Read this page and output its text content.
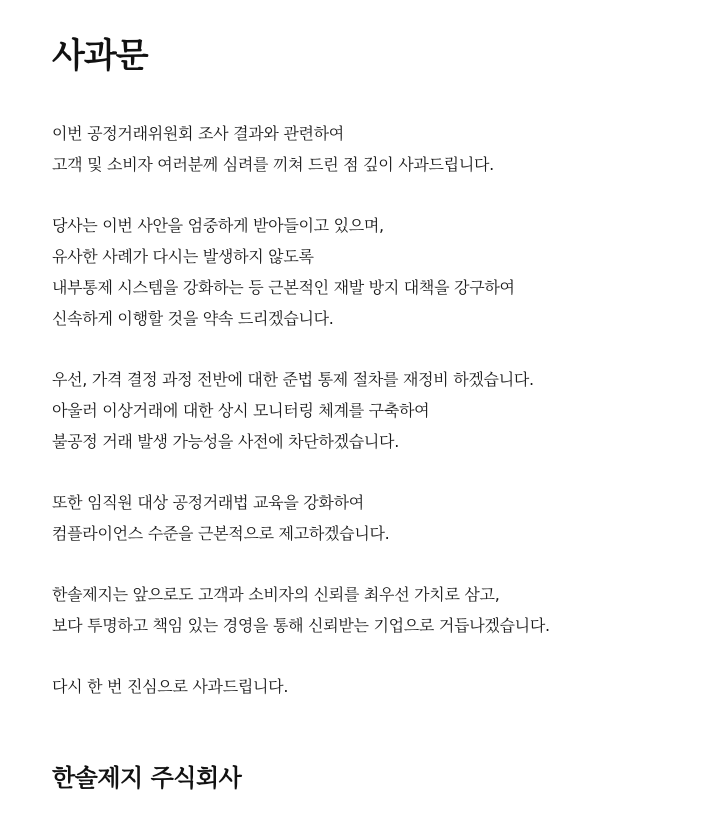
사과문
이번 공정거래위원회 조사 결과와 관련하여
고객 및 소비자 여러분께 심려를 끼쳐 드린 점 깊이 사과드립니다.
당사는 이번 사안을 엄중하게 받아들이고 있으며,
유사한 사례가 다시는 발생하지 않도록
내부통제 시스템을 강화하는 등 근본적인 재발 방지 대책을 강구하여
신속하게 이행할 것을 약속 드리겠습니다.
우선, 가격 결정 과정 전반에 대한 준법 통제 절차를 재정비 하겠습니다.
아울러 이상거래에 대한 상시 모니터링 체계를 구축하여
불공정 거래 발생 가능성을 사전에 차단하겠습니다.
또한 임직원 대상 공정거래법 교육을 강화하여
컴플라이언스 수준을 근본적으로 제고하겠습니다.
한솔제지는 앞으로도 고객과 소비자의 신뢰를 최우선 가치로 삼고,
보다 투명하고 책임 있는 경영을 통해 신뢰받는 기업으로 거듭나겠습니다.
다시 한 번 진심으로 사과드립니다.
한솔제지 주식회사
